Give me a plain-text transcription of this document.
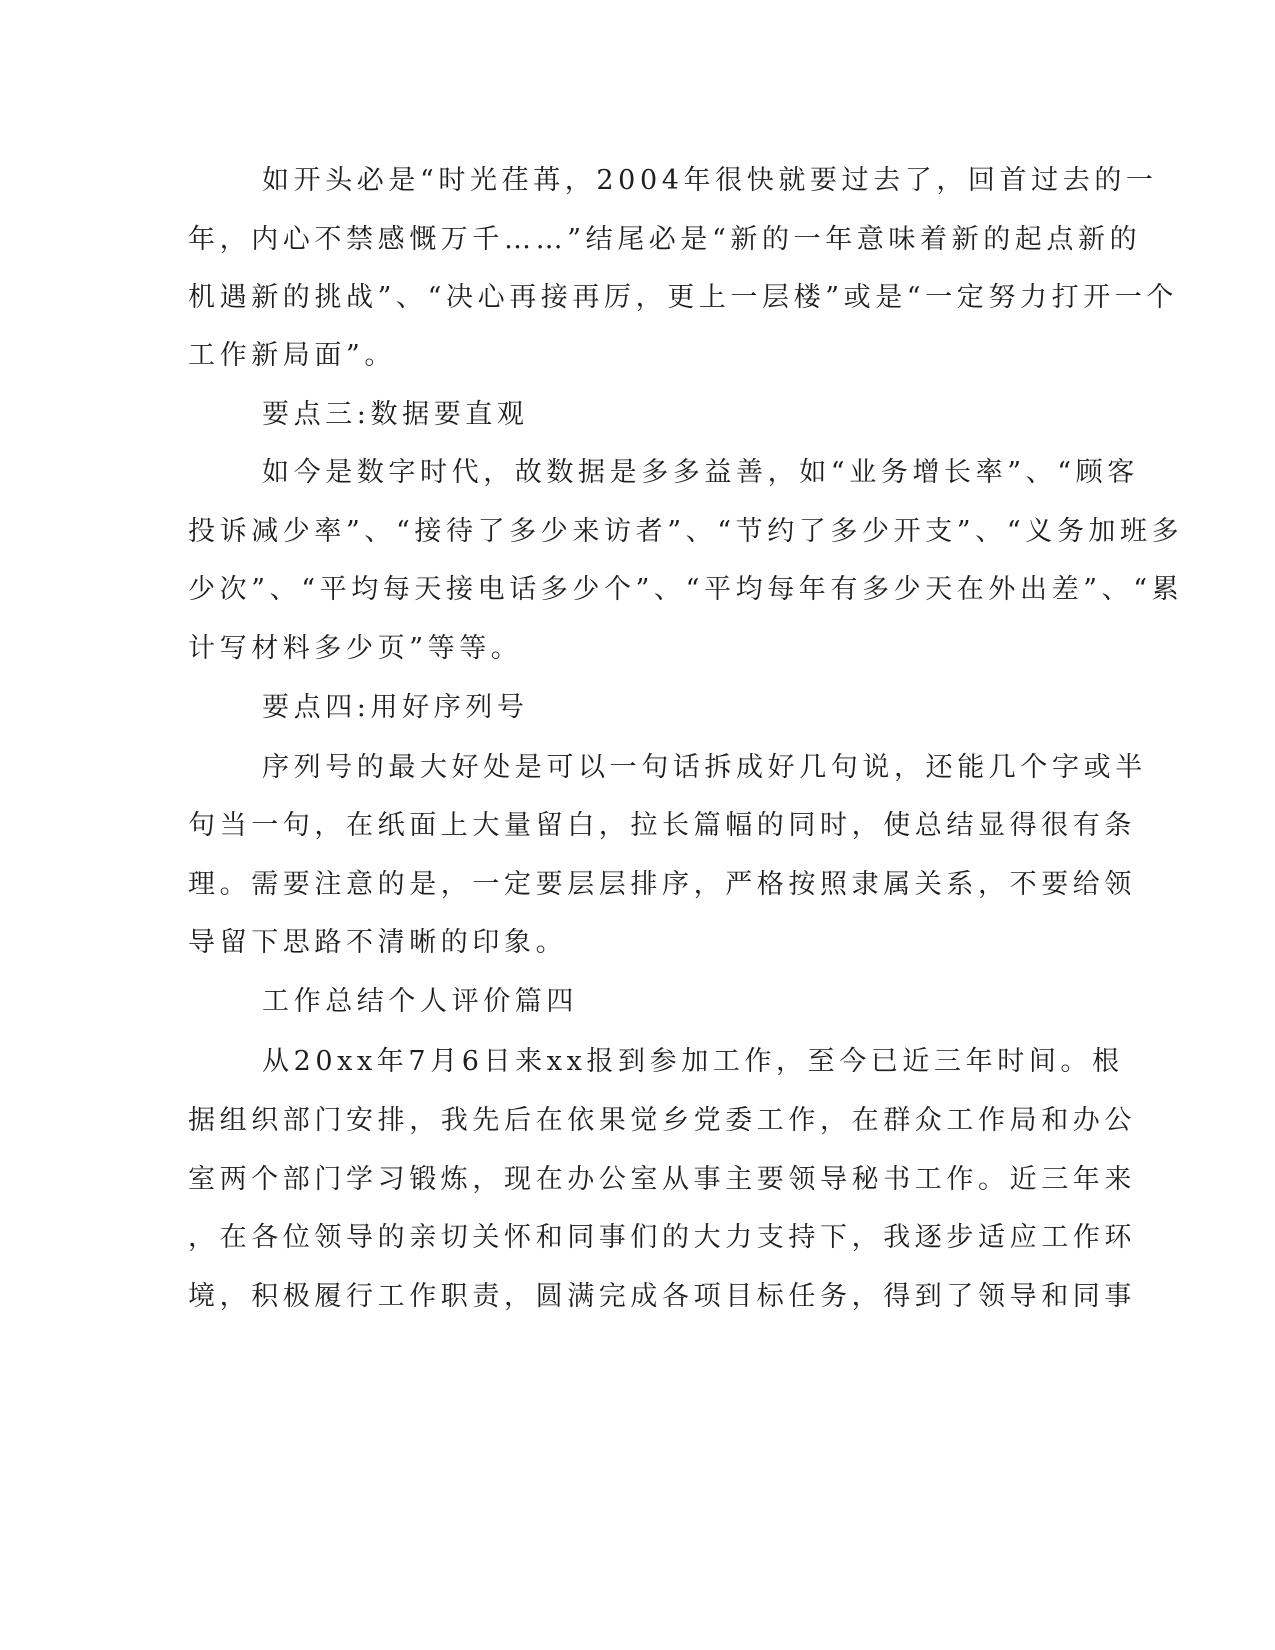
如开头必是“时光荏苒，2004年很快就要过去了，回首过去的一

年，内心不禁感慨万千……”结尾必是“新的一年意味着新的起点新的

机遇新的挑战”、“决心再接再厉，更上一层楼”或是“一定努力打开一个

工作新局面”。

要点三:数据要直观

如今是数字时代，故数据是多多益善，如“业务增长率”、“顾客

投诉减少率”、“接待了多少来访者”、“节约了多少开支”、“义务加班多

少次”、“平均每天接电话多少个”、“平均每年有多少天在外出差”、“累

计写材料多少页”等等。

要点四:用好序列号

序列号的最大好处是可以一句话拆成好几句说，还能几个字或半

句当一句，在纸面上大量留白，拉长篇幅的同时，使总结显得很有条

理。需要注意的是，一定要层层排序，严格按照隶属关系，不要给领

导留下思路不清晰的印象。

工作总结个人评价篇四

从20xx年7月6日来xx报到参加工作，至今已近三年时间。根

据组织部门安排，我先后在依果觉乡党委工作，在群众工作局和办公

室两个部门学习锻炼，现在办公室从事主要领导秘书工作。近三年来

，在各位领导的亲切关怀和同事们的大力支持下，我逐步适应工作环

境，积极履行工作职责，圆满完成各项目标任务，得到了领导和同事
